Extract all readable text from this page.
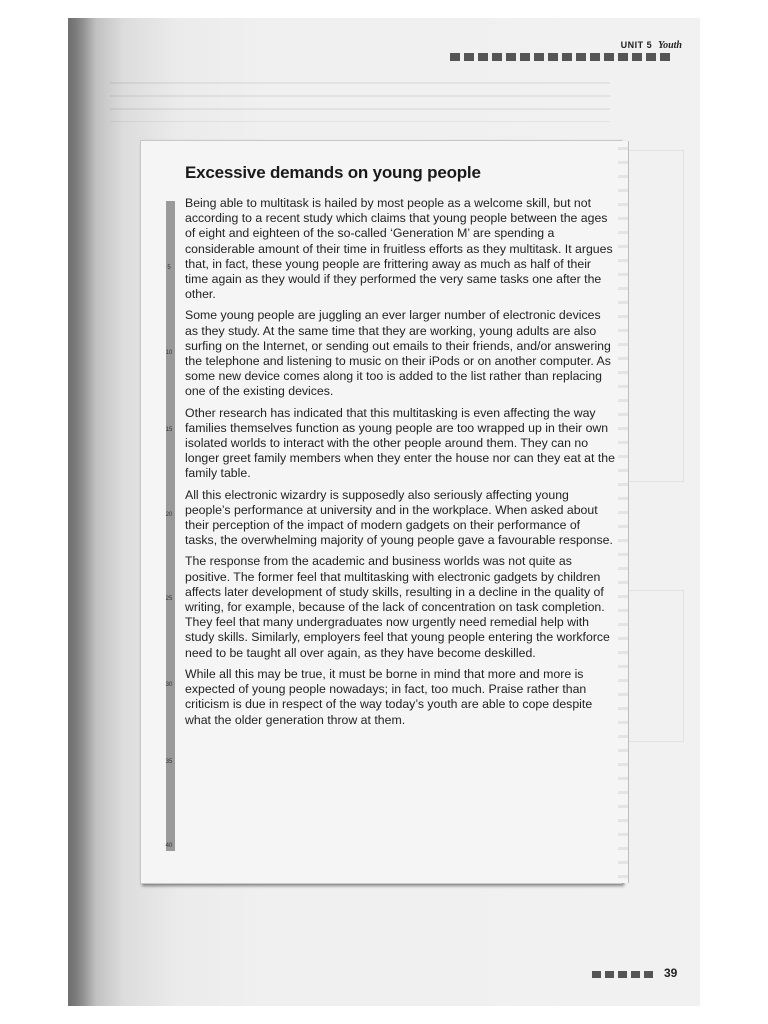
UNIT 5 Youth
5
10
15
20
25
30
35
40
Excessive demands on young people

Being able to multitask is hailed by most people as a welcome skill, but not according to a recent study which claims that young people between the ages of eight and eighteen of the so-called ‘Generation M’ are spending a considerable amount of their time in fruitless efforts as they multitask. It argues that, in fact, these young people are frittering away as much as half of their time again as they would if they performed the very same tasks one after the other.

Some young people are juggling an ever larger number of electronic devices as they study. At the same time that they are working, young adults are also surfing on the Internet, or sending out emails to their friends, and/or answering the telephone and listening to music on their iPods or on another computer. As some new device comes along it too is added to the list rather than replacing one of the existing devices.

Other research has indicated that this multitasking is even affecting the way families themselves function as young people are too wrapped up in their own isolated worlds to interact with the other people around them. They can no longer greet family members when they enter the house nor can they eat at the family table.

All this electronic wizardry is supposedly also seriously affecting young people’s performance at university and in the workplace. When asked about their perception of the impact of modern gadgets on their performance of tasks, the overwhelming majority of young people gave a favourable response.

The response from the academic and business worlds was not quite as positive. The former feel that multitasking with electronic gadgets by children affects later development of study skills, resulting in a decline in the quality of writing, for example, because of the lack of concentration on task completion. They feel that many undergraduates now urgently need remedial help with study skills. Similarly, employers feel that young people entering the workforce need to be taught all over again, as they have become deskilled.

While all this may be true, it must be borne in mind that more and more is expected of young people nowadays; in fact, too much. Praise rather than criticism is due in respect of the way today’s youth are able to cope despite what the older generation throw at them.

39
